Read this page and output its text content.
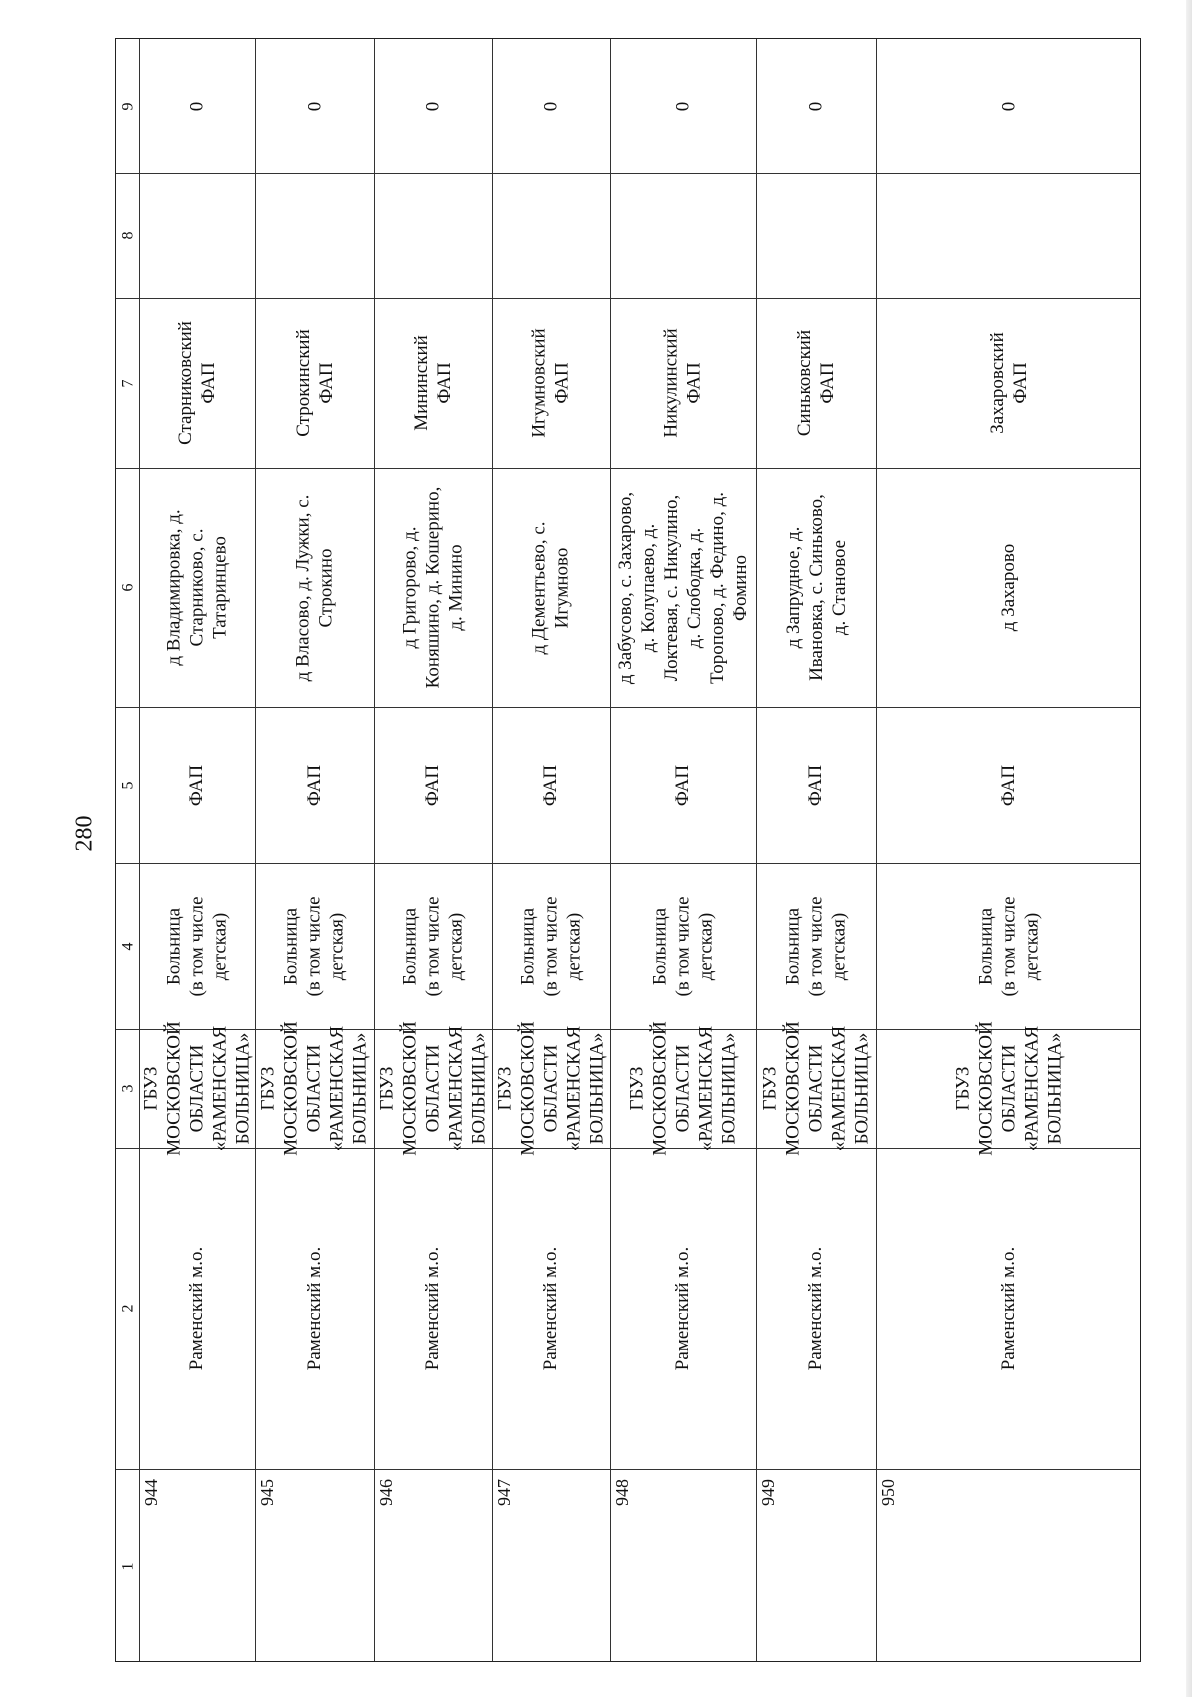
280
1
2
3
4
5
6
7
8
9
944
Раменский м.о.
ГБУЗ МОСКОВСКОЙ ОБЛАСТИ «РАМЕНСКАЯ БОЛЬНИЦА»
Больница (в том числе детская)
ФАП
д Владимировка, д. Старниково, с. Татаринцево
Старниковский ФАП
0
945
Раменский м.о.
ГБУЗ МОСКОВСКОЙ ОБЛАСТИ «РАМЕНСКАЯ БОЛЬНИЦА»
Больница (в том числе детская)
ФАП
д Власово, д. Лужки, с. Строкино
Строкинский ФАП
0
946
Раменский м.о.
ГБУЗ МОСКОВСКОЙ ОБЛАСТИ «РАМЕНСКАЯ БОЛЬНИЦА»
Больница (в том числе детская)
ФАП
д Григорово, д. Коняшино, д. Кошерино, д. Минино
Мининский ФАП
0
947
Раменский м.о.
ГБУЗ МОСКОВСКОЙ ОБЛАСТИ «РАМЕНСКАЯ БОЛЬНИЦА»
Больница (в том числе детская)
ФАП
д Дементьево, с. Игумново
Игумновский ФАП
0
948
Раменский м.о.
ГБУЗ МОСКОВСКОЙ ОБЛАСТИ «РАМЕНСКАЯ БОЛЬНИЦА»
Больница (в том числе детская)
ФАП
д Забусово, с. Захарово, д. Колупаево, д. Локтевая, с. Никулино, д. Слободка, д. Торопово, д. Федино, д. Фомино
Никулинский ФАП
0
949
Раменский м.о.
ГБУЗ МОСКОВСКОЙ ОБЛАСТИ «РАМЕНСКАЯ БОЛЬНИЦА»
Больница (в том числе детская)
ФАП
д Запрудное, д. Ивановка, с. Синьково, д. Становое
Синьковский ФАП
0
950
Раменский м.о.
ГБУЗ МОСКОВСКОЙ ОБЛАСТИ «РАМЕНСКАЯ БОЛЬНИЦА»
Больница (в том числе детская)
ФАП
д Захарово
Захаровский ФАП
0
